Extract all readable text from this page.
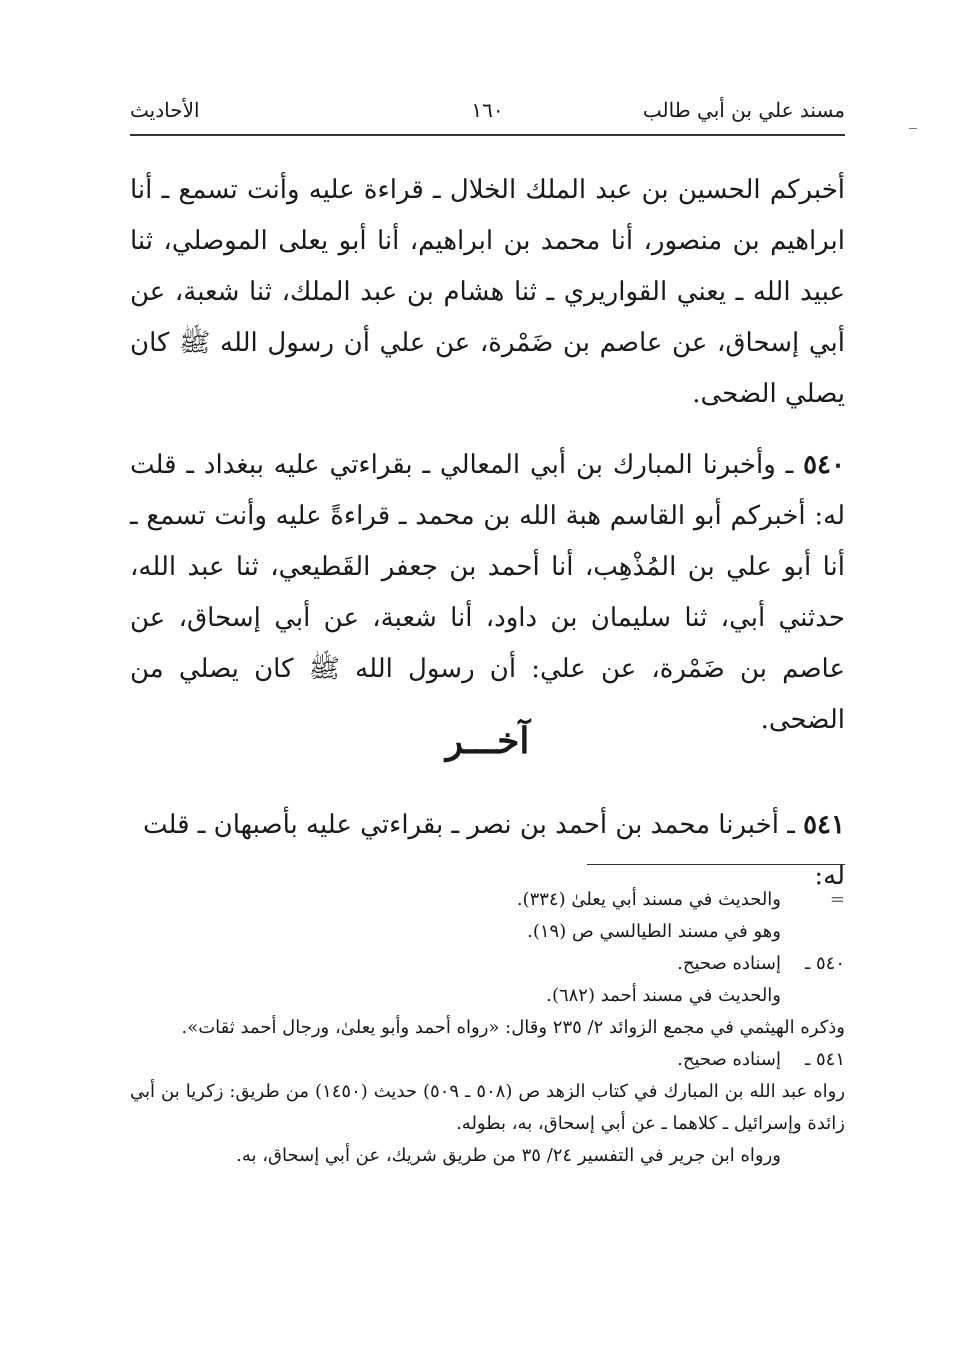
مسند علي بن أبي طالب
١٦٠
الأحاديث

أخبركم الحسين بن عبد الملك الخلال ـ قراءة عليه وأنت تسمع ـ أنا ابراهيم بن منصور، أنا محمد بن ابراهيم، أنا أبو يعلى الموصلي، ثنا عبيد الله ـ يعني القواريري ـ ثنا هشام بن عبد الملك، ثنا شعبة، عن أبي إسحاق، عن عاصم بن ضَمْرة، عن علي أن رسول الله ﷺ كان يصلي الضحى.

٥٤٠ ـ وأخبرنا المبارك بن أبي المعالي ـ بقراءتي عليه ببغداد ـ قلت له: أخبركم أبو القاسم هبة الله بن محمد ـ قراءةً عليه وأنت تسمع ـ أنا أبو علي بن المُذْهِب، أنا أحمد بن جعفر القَطيعي، ثنا عبد الله، حدثني أبي، ثنا سليمان بن داود، أنا شعبة، عن أبي إسحاق، عن عاصم بن ضَمْرة، عن علي: أن رسول الله ﷺ كان يصلي من الضحى.

آخـــر
٥٤١ ـ أخبرنا محمد بن أحمد بن نصر ـ بقراءتي عليه بأصبهان ـ قلت له:
=
والحديث في مسند أبي يعلىٰ (٣٣٤).
وهو في مسند الطيالسي ص (١٩).
٥٤٠ ـ
إسناده صحيح.
والحديث في مسند أحمد (٦٨٢).
وذكره الهيثمي في مجمع الزوائد ٢/ ٢٣٥ وقال: «رواه أحمد وأبو يعلىٰ، ورجال أحمد ثقات».
٥٤١ ـ
إسناده صحيح.
رواه عبد الله بن المبارك في كتاب الزهد ص (٥٠٨ ـ ٥٠٩) حديث (١٤٥٠) من طريق: زكريا بن أبي زائدة وإسرائيل ـ كلاهما ـ عن أبي إسحاق، به، بطوله.
ورواه ابن جرير في التفسير ٢٤/ ٣٥ من طريق شريك، عن أبي إسحاق، به.
